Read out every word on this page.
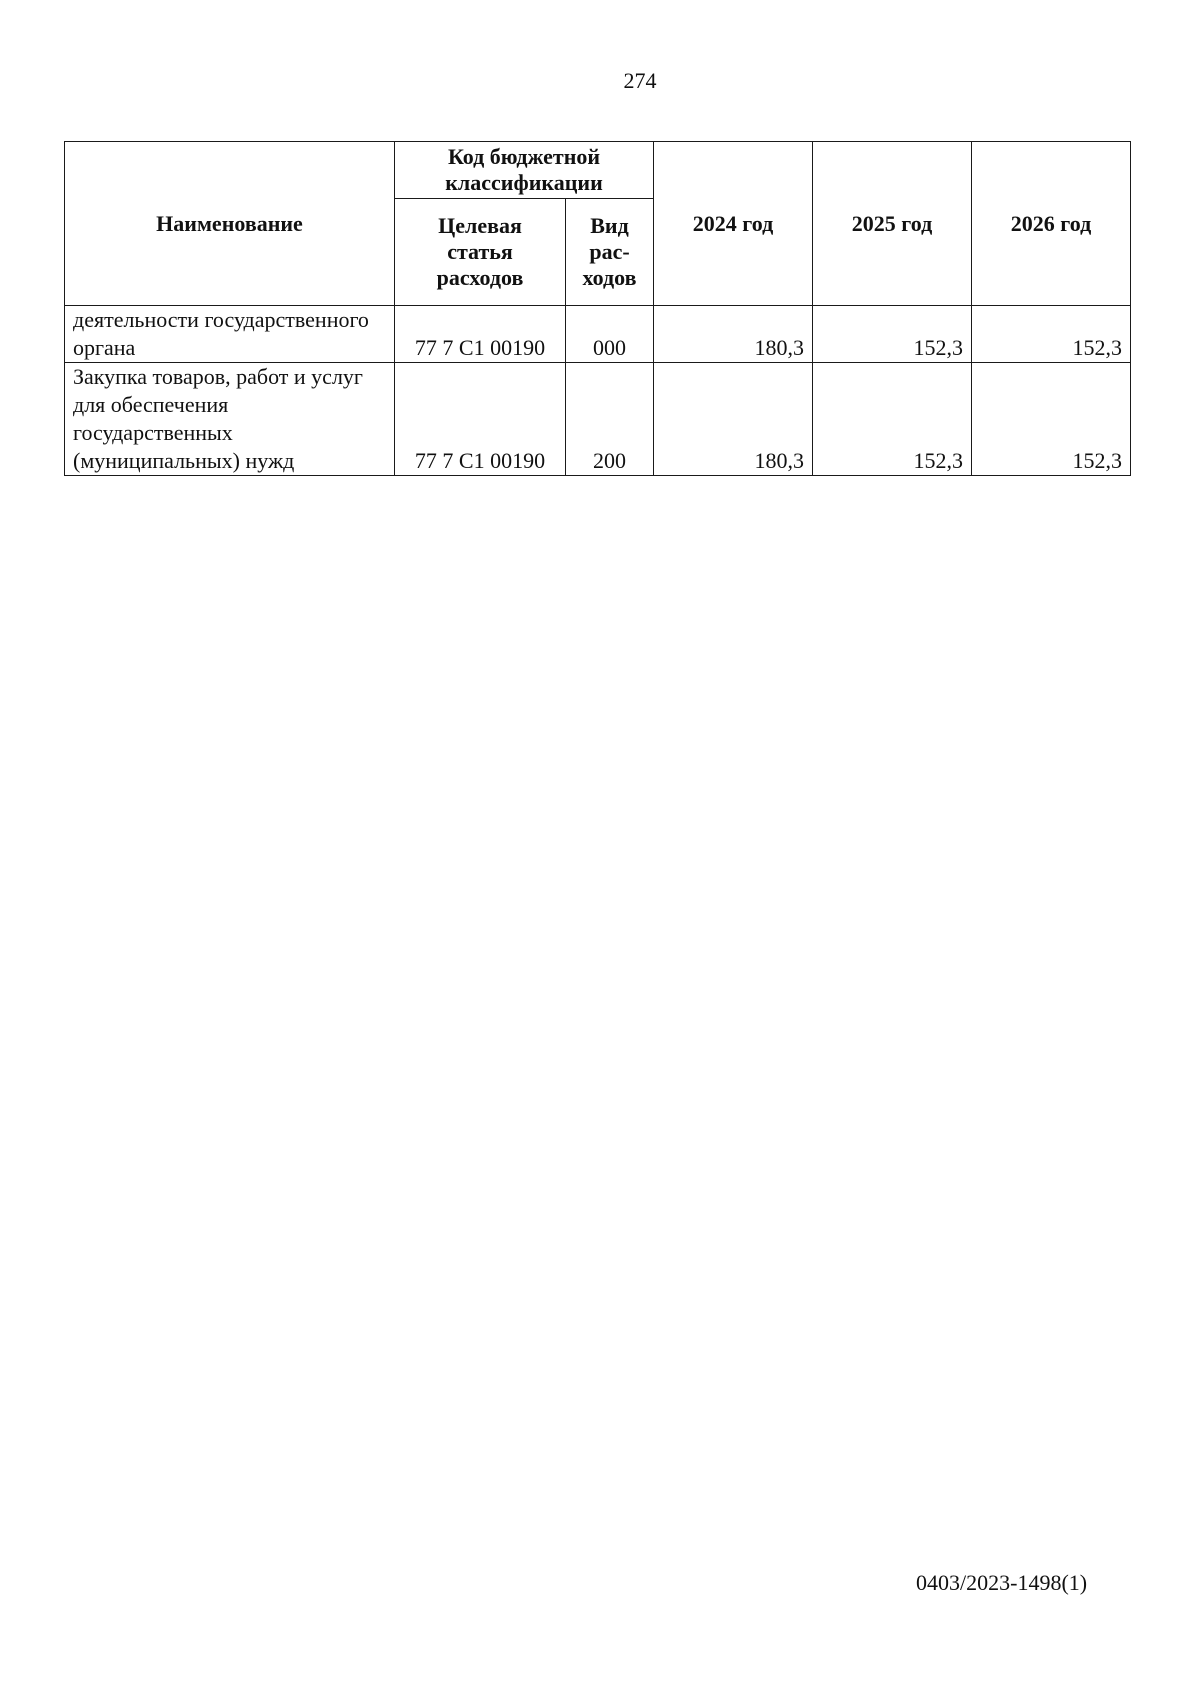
274
Наименование	Код бюджетной классификации		2024 год	2025 год	2026 год
	Целевая статья расходов	Вид рас-ходов			
деятельности государственного органа	77 7 С1 00190	000	180,3	152,3	152,3
Закупка товаров, работ и услуг для обеспечения государственных (муниципальных) нужд	77 7 С1 00190	200	180,3	152,3	152,3
0403/2023-1498(1)
